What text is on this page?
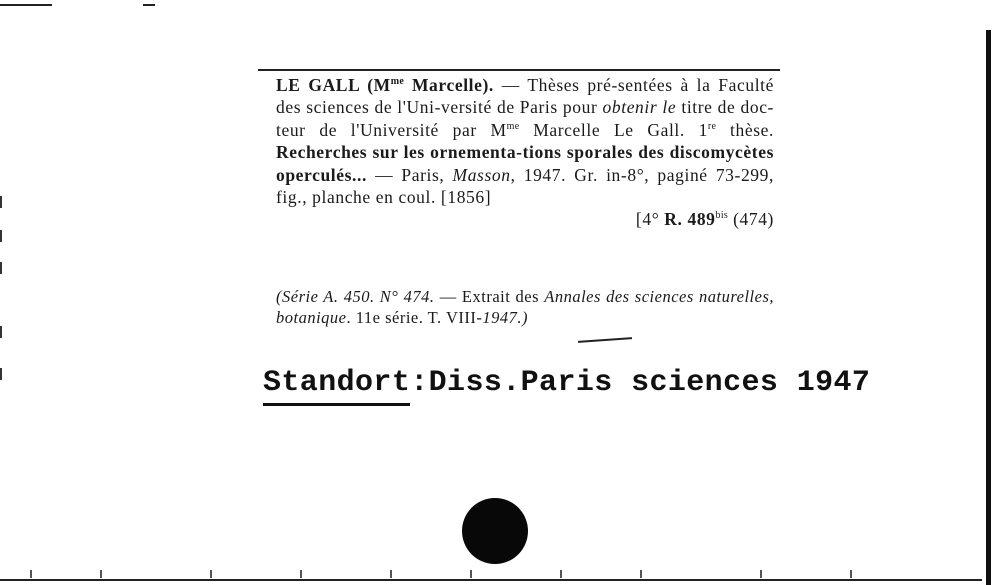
LE GALL ($M^{me}$ Marcelle). — Thèses pré-sentées à la Faculté des sciences de l'Uni-versité de Paris pour obtenir le titre de doc-teur de l'Université par $M^{me}$ Marcelle Le Gall. 1re thèse. Recherches sur les ornementa-tions sporales des discomycètes operculés... — Paris, Masson, 1947. Gr. in-8°, paginé 73-299, fig., planche en coul. [1856]
[4° R. $489^{bis}$ (474)
(Série A. 450. N° 474. — Extrait des Annales des sciences naturelles, botanique. 11e série. T. VIII-1947.)
Standort
:Diss.Paris sciences 1947
